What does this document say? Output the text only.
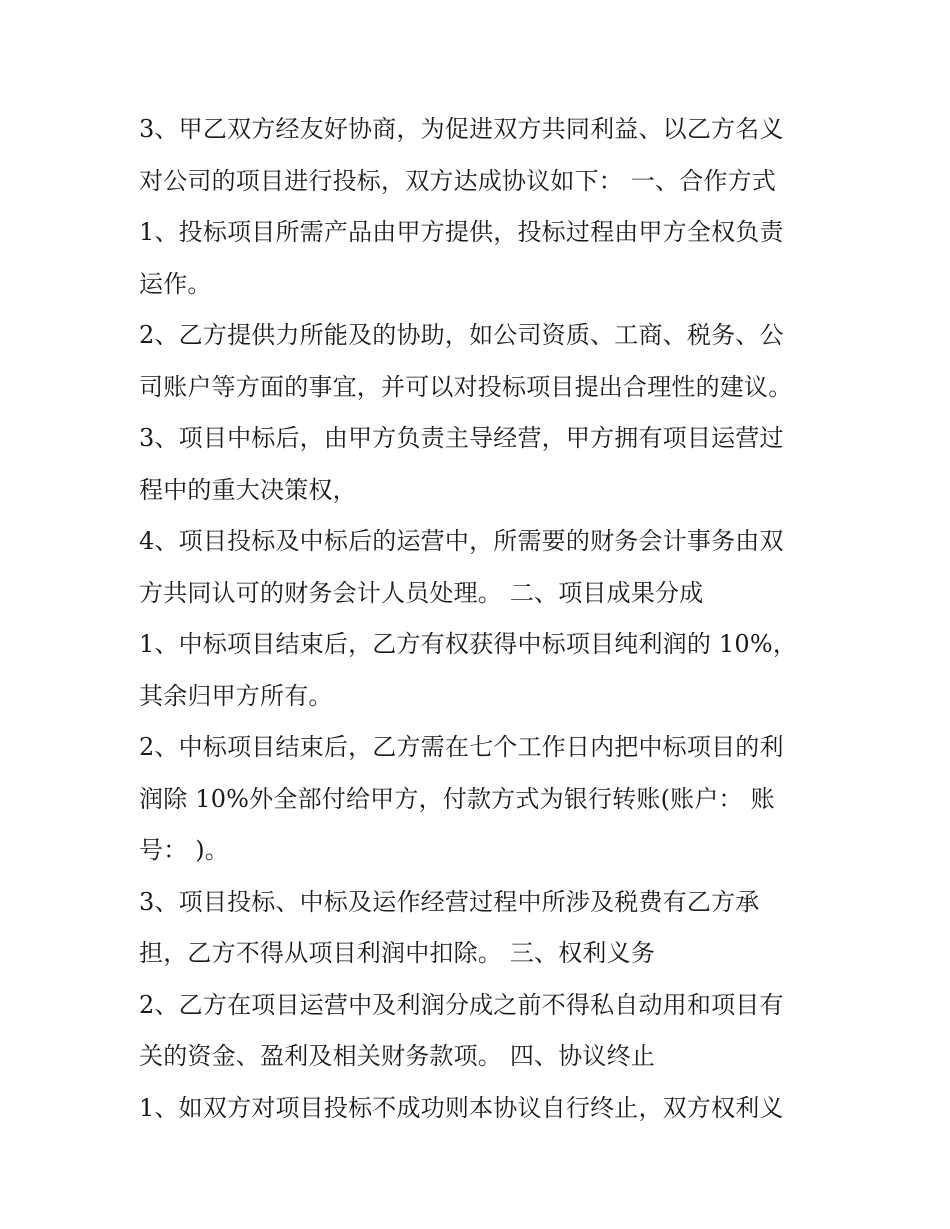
3、甲乙双方经友好协商，为促进双方共同利益、以乙方名义
对公司的项目进行投标，双方达成协议如下： 一、合作方式
1、投标项目所需产品由甲方提供，投标过程由甲方全权负责
运作。
2、乙方提供力所能及的协助，如公司资质、工商、税务、公
司账户等方面的事宜，并可以对投标项目提出合理性的建议。
3、项目中标后，由甲方负责主导经营，甲方拥有项目运营过
程中的重大决策权，
4、项目投标及中标后的运营中，所需要的财务会计事务由双
方共同认可的财务会计人员处理。 二、项目成果分成
1、中标项目结束后，乙方有权获得中标项目纯利润的 10%，
其余归甲方所有。
2、中标项目结束后，乙方需在七个工作日内把中标项目的利
润除 10%外全部付给甲方，付款方式为银行转账(账户： 账
号： )。
3、项目投标、中标及运作经营过程中所涉及税费有乙方承
担，乙方不得从项目利润中扣除。 三、权利义务
2、乙方在项目运营中及利润分成之前不得私自动用和项目有
关的资金、盈利及相关财务款项。 四、协议终止
1、如双方对项目投标不成功则本协议自行终止，双方权利义
